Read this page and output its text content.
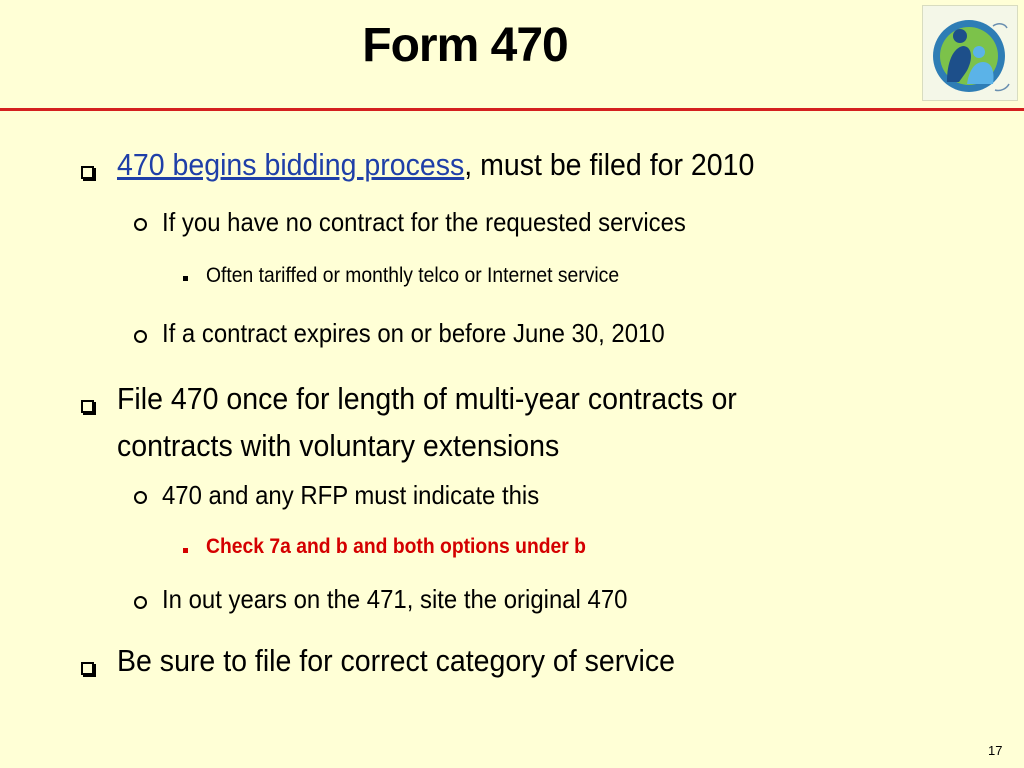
Form 470
470 begins bidding process, must be filed for 2010
If you have no contract for the requested services
Often tariffed or monthly telco or Internet service
If a contract expires on or before June 30, 2010
File 470 once for length of multi-year contracts or
contracts with voluntary extensions
470 and any RFP must indicate this
Check 7a and b and both options under b
In out years on the 471, site the original 470
Be sure to file for correct category of service
17
